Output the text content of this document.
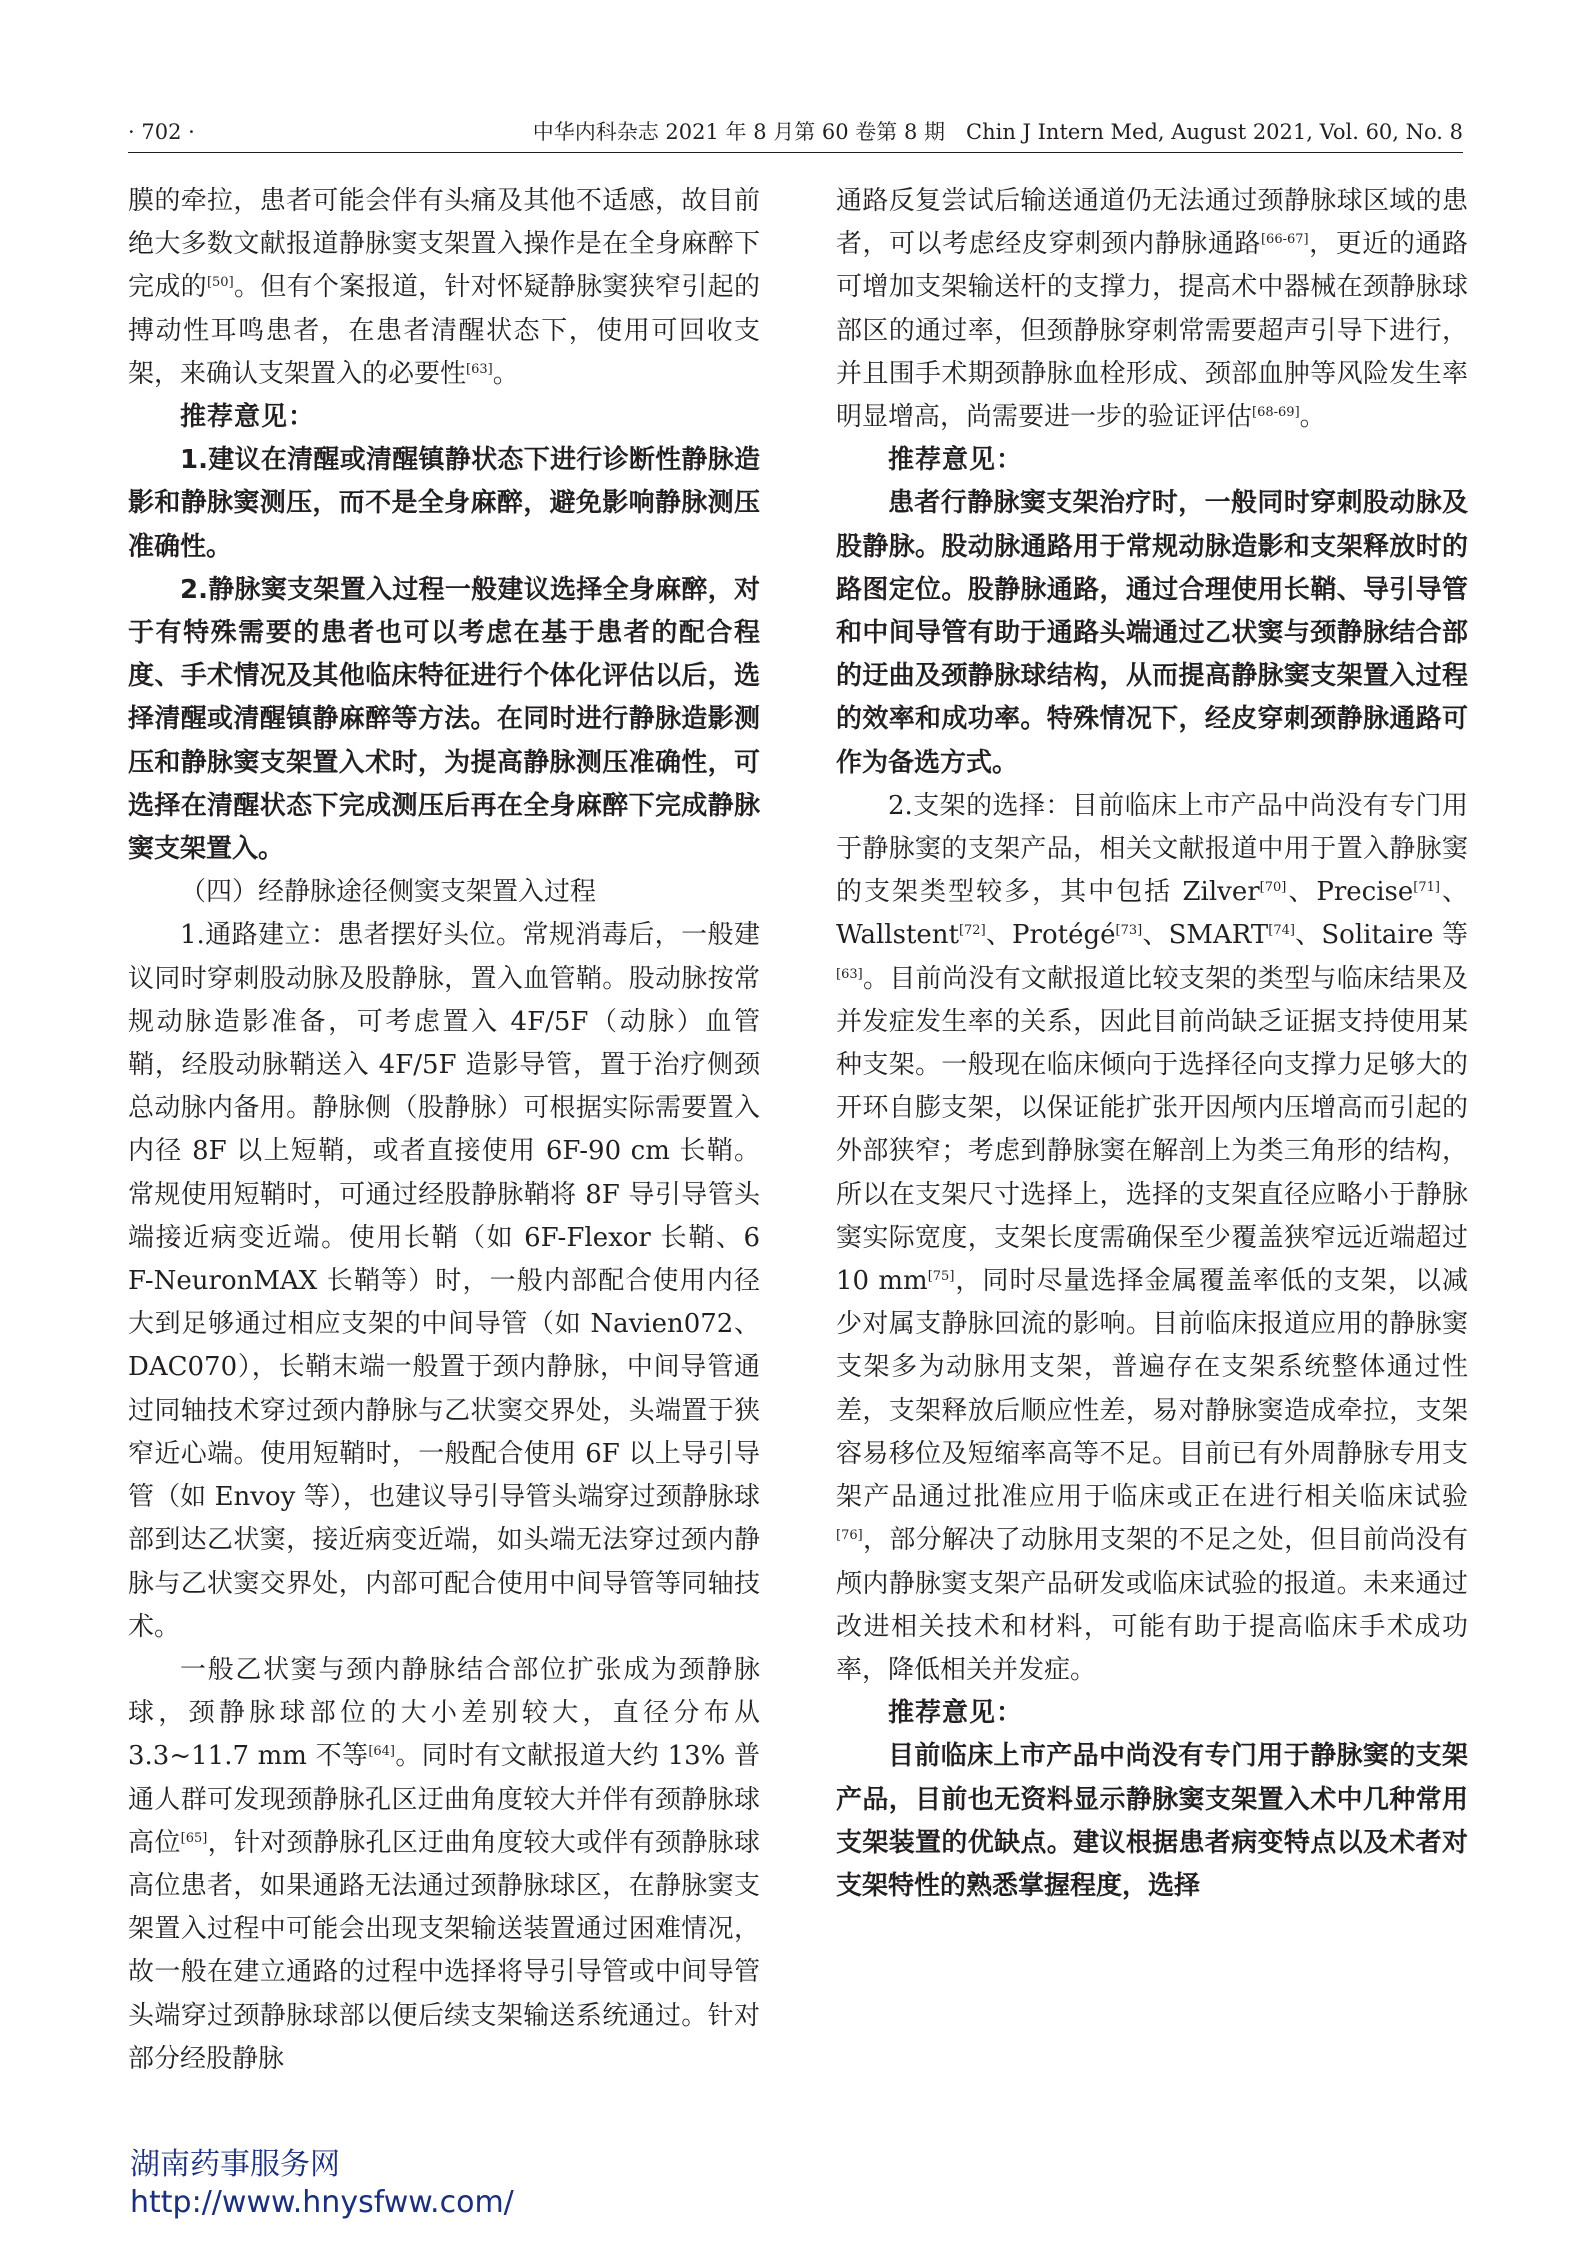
· 702 ·	中华内科杂志 2021 年 8 月第 60 卷第 8 期　Chin J Intern Med, August 2021, Vol. 60, No. 8

膜的牵拉，患者可能会伴有头痛及其他不适感，故目前绝大多数文献报道静脉窦支架置入操作是在全身麻醉下完成的[50]。但有个案报道，针对怀疑静脉窦狭窄引起的搏动性耳鸣患者，在患者清醒状态下，使用可回收支架，来确认支架置入的必要性[63]。

推荐意见：

1.建议在清醒或清醒镇静状态下进行诊断性静脉造影和静脉窦测压，而不是全身麻醉，避免影响静脉测压准确性。

2.静脉窦支架置入过程一般建议选择全身麻醉，对于有特殊需要的患者也可以考虑在基于患者的配合程度、手术情况及其他临床特征进行个体化评估以后，选择清醒或清醒镇静麻醉等方法。在同时进行静脉造影测压和静脉窦支架置入术时，为提高静脉测压准确性，可选择在清醒状态下完成测压后再在全身麻醉下完成静脉窦支架置入。

（四）经静脉途径侧窦支架置入过程

1.通路建立：患者摆好头位。常规消毒后，一般建议同时穿刺股动脉及股静脉，置入血管鞘。股动脉按常规动脉造影准备，可考虑置入 4F/5F（动脉）血管鞘，经股动脉鞘送入 4F/5F 造影导管，置于治疗侧颈总动脉内备用。静脉侧（股静脉）可根据实际需要置入内径 8F 以上短鞘，或者直接使用 6F-90 cm 长鞘。常规使用短鞘时，可通过经股静脉鞘将 8F 导引导管头端接近病变近端。使用长鞘（如 6F-Flexor 长鞘、6 F-NeuronMAX 长鞘等）时，一般内部配合使用内径大到足够通过相应支架的中间导管（如 Navien072、DAC070），长鞘末端一般置于颈内静脉，中间导管通过同轴技术穿过颈内静脉与乙状窦交界处，头端置于狭窄近心端。使用短鞘时，一般配合使用 6F 以上导引导管（如 Envoy 等），也建议导引导管头端穿过颈静脉球部到达乙状窦，接近病变近端，如头端无法穿过颈内静脉与乙状窦交界处，内部可配合使用中间导管等同轴技术。

一般乙状窦与颈内静脉结合部位扩张成为颈静脉球，颈静脉球部位的大小差别较大，直径分布从 3.3~11.7 mm 不等[64]。同时有文献报道大约 13% 普通人群可发现颈静脉孔区迂曲角度较大并伴有颈静脉球高位[65]，针对颈静脉孔区迂曲角度较大或伴有颈静脉球高位患者，如果通路无法通过颈静脉球区，在静脉窦支架置入过程中可能会出现支架输送装置通过困难情况，故一般在建立通路的过程中选择将导引导管或中间导管头端穿过颈静脉球部以便后续支架输送系统通过。针对部分经股静脉

通路反复尝试后输送通道仍无法通过颈静脉球区域的患者，可以考虑经皮穿刺颈内静脉通路[66-67]，更近的通路可增加支架输送杆的支撑力，提高术中器械在颈静脉球部区的通过率，但颈静脉穿刺常需要超声引导下进行，并且围手术期颈静脉血栓形成、颈部血肿等风险发生率明显增高，尚需要进一步的验证评估[68-69]。

推荐意见：

患者行静脉窦支架治疗时，一般同时穿刺股动脉及股静脉。股动脉通路用于常规动脉造影和支架释放时的路图定位。股静脉通路，通过合理使用长鞘、导引导管和中间导管有助于通路头端通过乙状窦与颈静脉结合部的迂曲及颈静脉球结构，从而提高静脉窦支架置入过程的效率和成功率。特殊情况下，经皮穿刺颈静脉通路可作为备选方式。

2.支架的选择：目前临床上市产品中尚没有专门用于静脉窦的支架产品，相关文献报道中用于置入静脉窦的支架类型较多，其中包括 Zilver[70]、Precise[71]、Wallstent[72]、Protégé[73]、SMART[74]、Solitaire 等[63]。目前尚没有文献报道比较支架的类型与临床结果及并发症发生率的关系，因此目前尚缺乏证据支持使用某种支架。一般现在临床倾向于选择径向支撑力足够大的开环自膨支架，以保证能扩张开因颅内压增高而引起的外部狭窄；考虑到静脉窦在解剖上为类三角形的结构，所以在支架尺寸选择上，选择的支架直径应略小于静脉窦实际宽度，支架长度需确保至少覆盖狭窄远近端超过 10 mm[75]，同时尽量选择金属覆盖率低的支架，以减少对属支静脉回流的影响。目前临床报道应用的静脉窦支架多为动脉用支架，普遍存在支架系统整体通过性差，支架释放后顺应性差，易对静脉窦造成牵拉，支架容易移位及短缩率高等不足。目前已有外周静脉专用支架产品通过批准应用于临床或正在进行相关临床试验[76]，部分解决了动脉用支架的不足之处，但目前尚没有颅内静脉窦支架产品研发或临床试验的报道。未来通过改进相关技术和材料，可能有助于提高临床手术成功率，降低相关并发症。

推荐意见：

目前临床上市产品中尚没有专门用于静脉窦的支架产品，目前也无资料显示静脉窦支架置入术中几种常用支架装置的优缺点。建议根据患者病变特点以及术者对支架特性的熟悉掌握程度，选择

湖南药事服务网
http://www.hnysfww.com/
